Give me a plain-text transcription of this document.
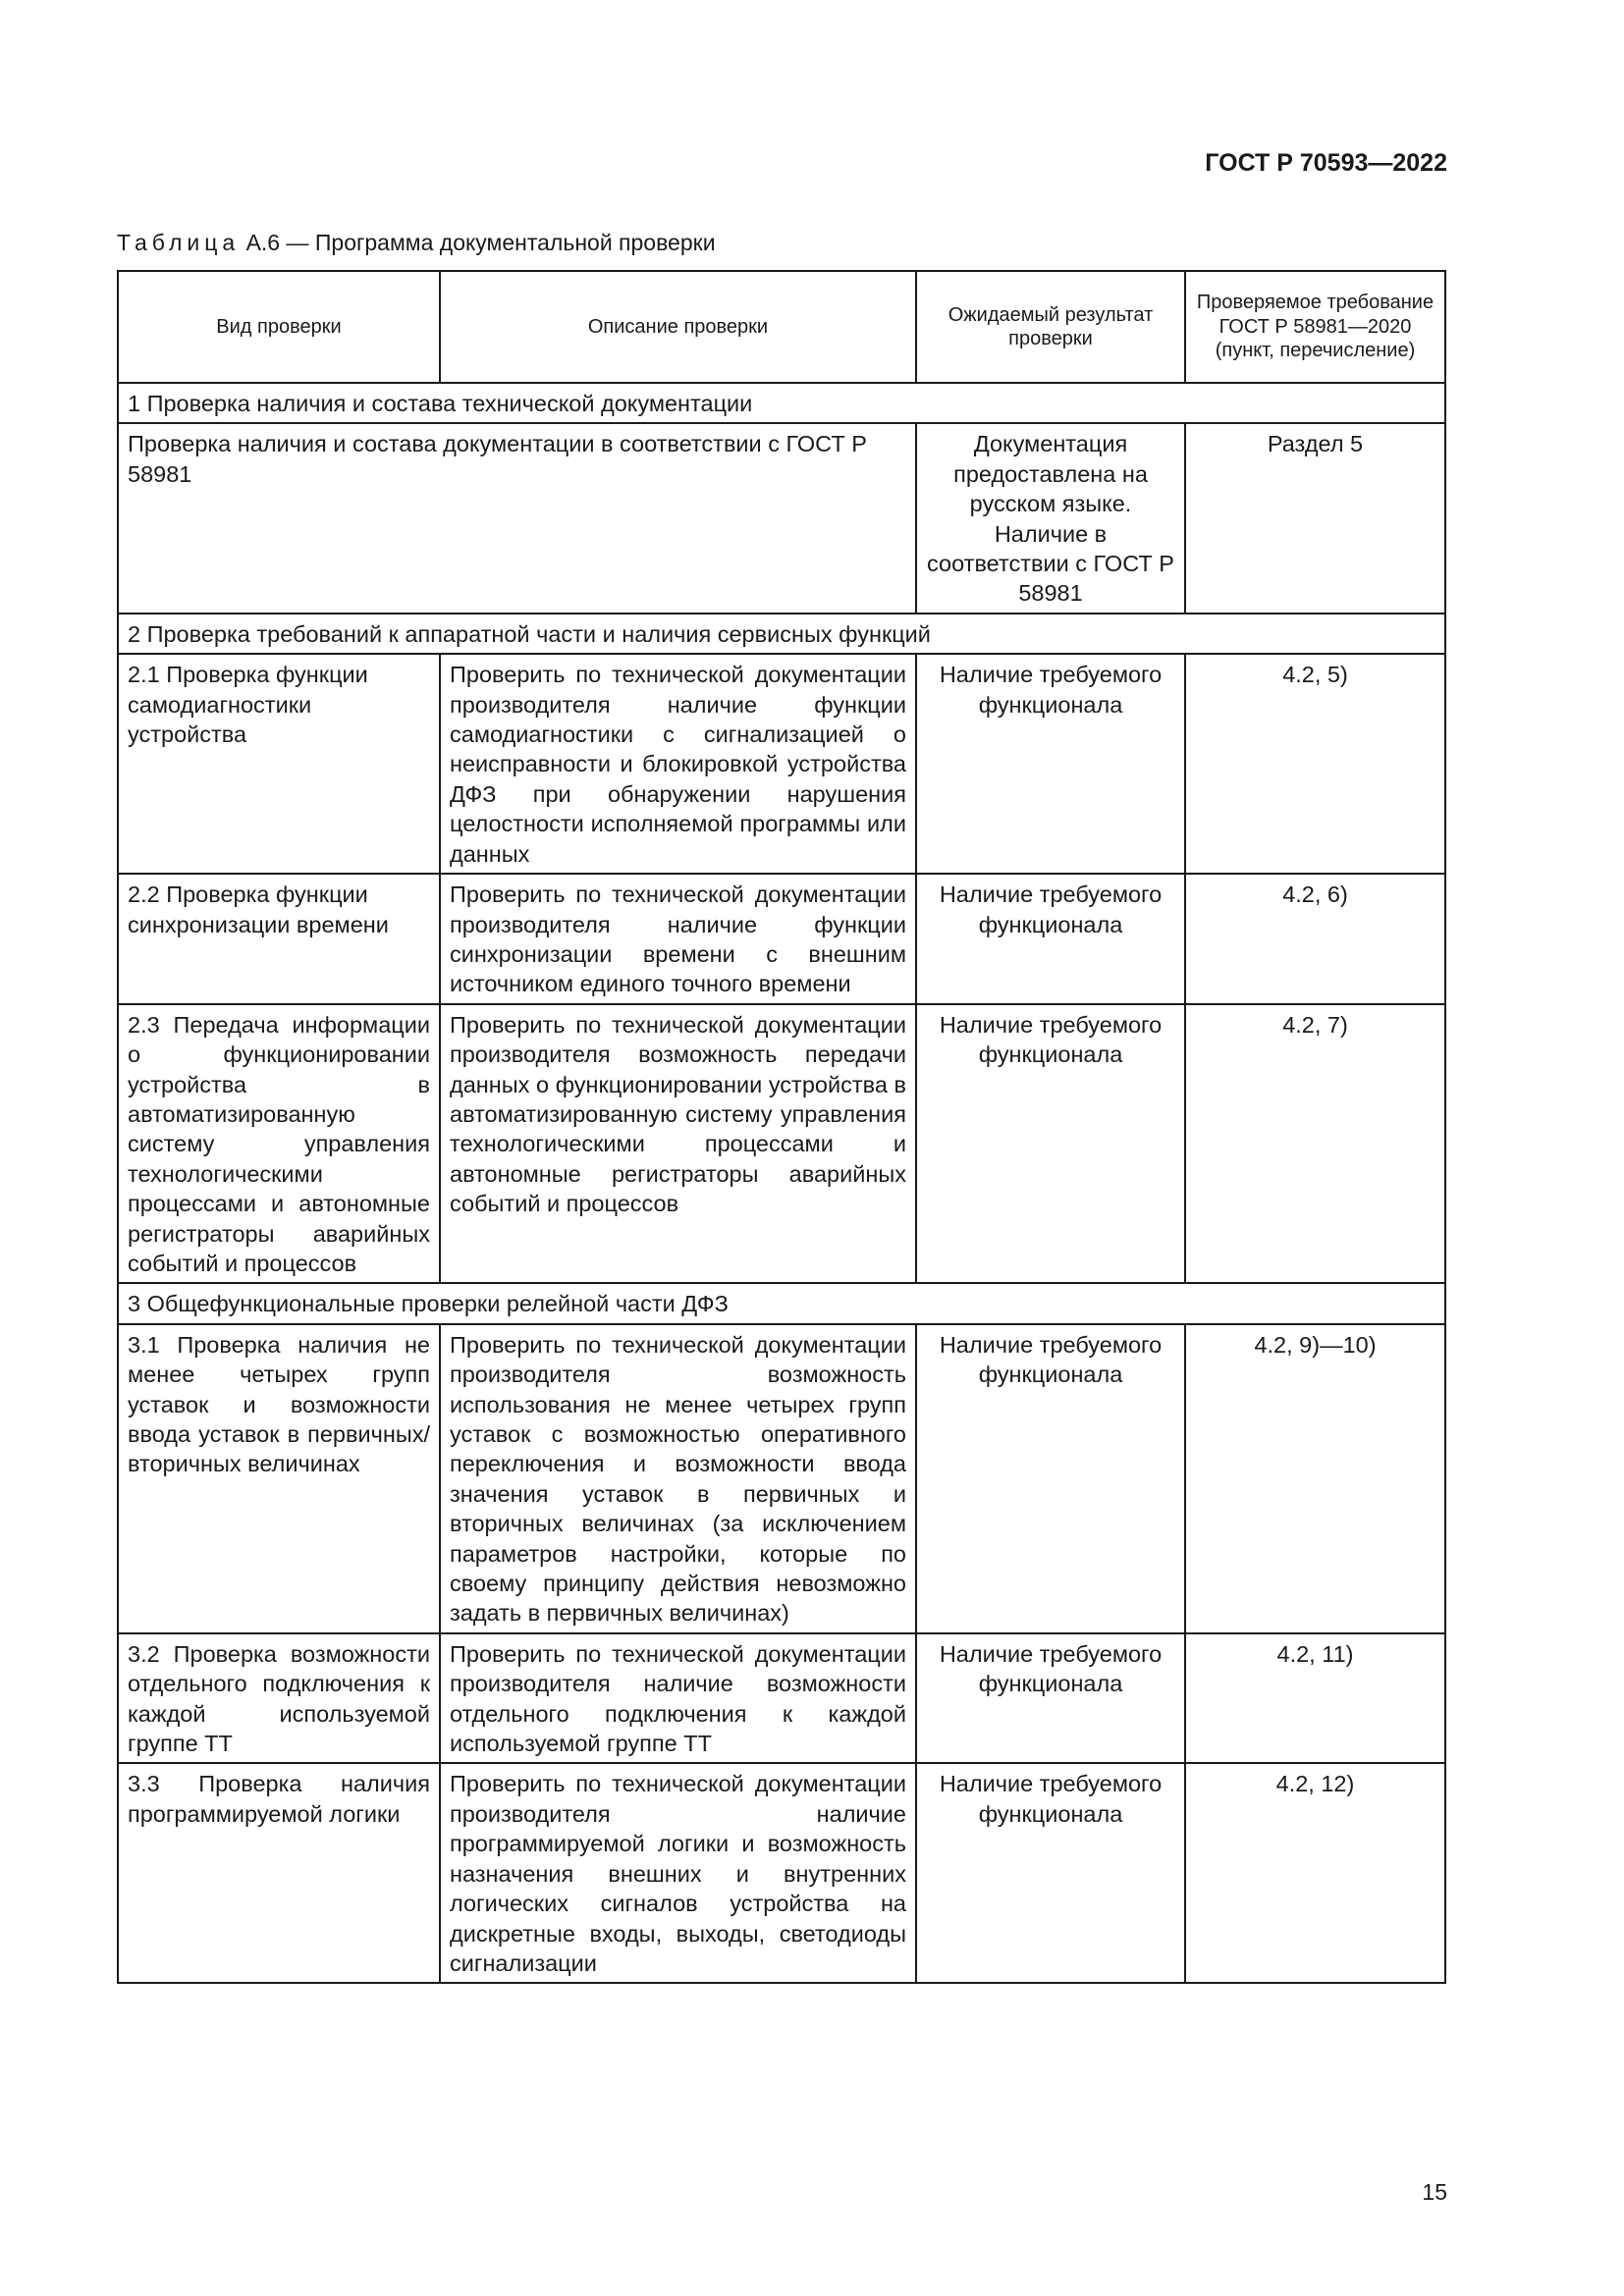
ГОСТ Р 70593—2022
Таблица А.6 — Программа документальной проверки
Вид проверки	Описание проверки	Ожидаемый результат проверки	Проверяемое требование ГОСТ Р 58981—2020 (пункт, перечисление)
1 Проверка наличия и состава технической документации			
Проверка наличия и состава документации в соответствии с ГОСТ Р 58981		Документация предоставлена на русском языке. Наличие в соответствии с ГОСТ Р 58981	Раздел 5
2 Проверка требований к аппаратной части и наличия сервисных функций			
2.1 Проверка функции самодиагностики устройства	Проверить по технической документации производителя наличие функции самодиагностики с сигнализацией о неисправности и блокировкой устройства ДФЗ при обнаружении нарушения целостности исполняемой программы или данных	Наличие требуемого функционала	4.2, 5)
2.2 Проверка функции синхронизации времени	Проверить по технической документации производителя наличие функции синхронизации времени с внешним источником единого точного времени	Наличие требуемого функционала	4.2, 6)
2.3 Передача информации о функционировании устройства в автоматизированную систему управления технологическими процессами и автономные регистраторы аварийных событий и процессов	Проверить по технической документации производителя возможность передачи данных о функционировании устройства в автоматизированную систему управления технологическими процессами и автономные регистраторы аварийных событий и процессов	Наличие требуемого функционала	4.2, 7)
3 Общефункциональные проверки релейной части ДФЗ			
3.1 Проверка наличия не менее четырех групп уставок и возможности ввода уставок в первичных/вторичных величинах	Проверить по технической документации производителя возможность использования не менее четырех групп уставок с возможностью оперативного переключения и возможности ввода значения уставок в первичных и вторичных величинах (за исключением параметров настройки, которые по своему принципу действия невозможно задать в первичных величинах)	Наличие требуемого функционала	4.2, 9)—10)
3.2 Проверка возможности отдельного подключения к каждой используемой группе ТТ	Проверить по технической документации производителя наличие возможности отдельного подключения к каждой используемой группе ТТ	Наличие требуемого функционала	4.2, 11)
3.3 Проверка наличия программируемой логики	Проверить по технической документации производителя наличие программируемой логики и возможность назначения внешних и внутренних логических сигналов устройства на дискретные входы, выходы, светодиоды сигнализации	Наличие требуемого функционала	4.2, 12)
15
